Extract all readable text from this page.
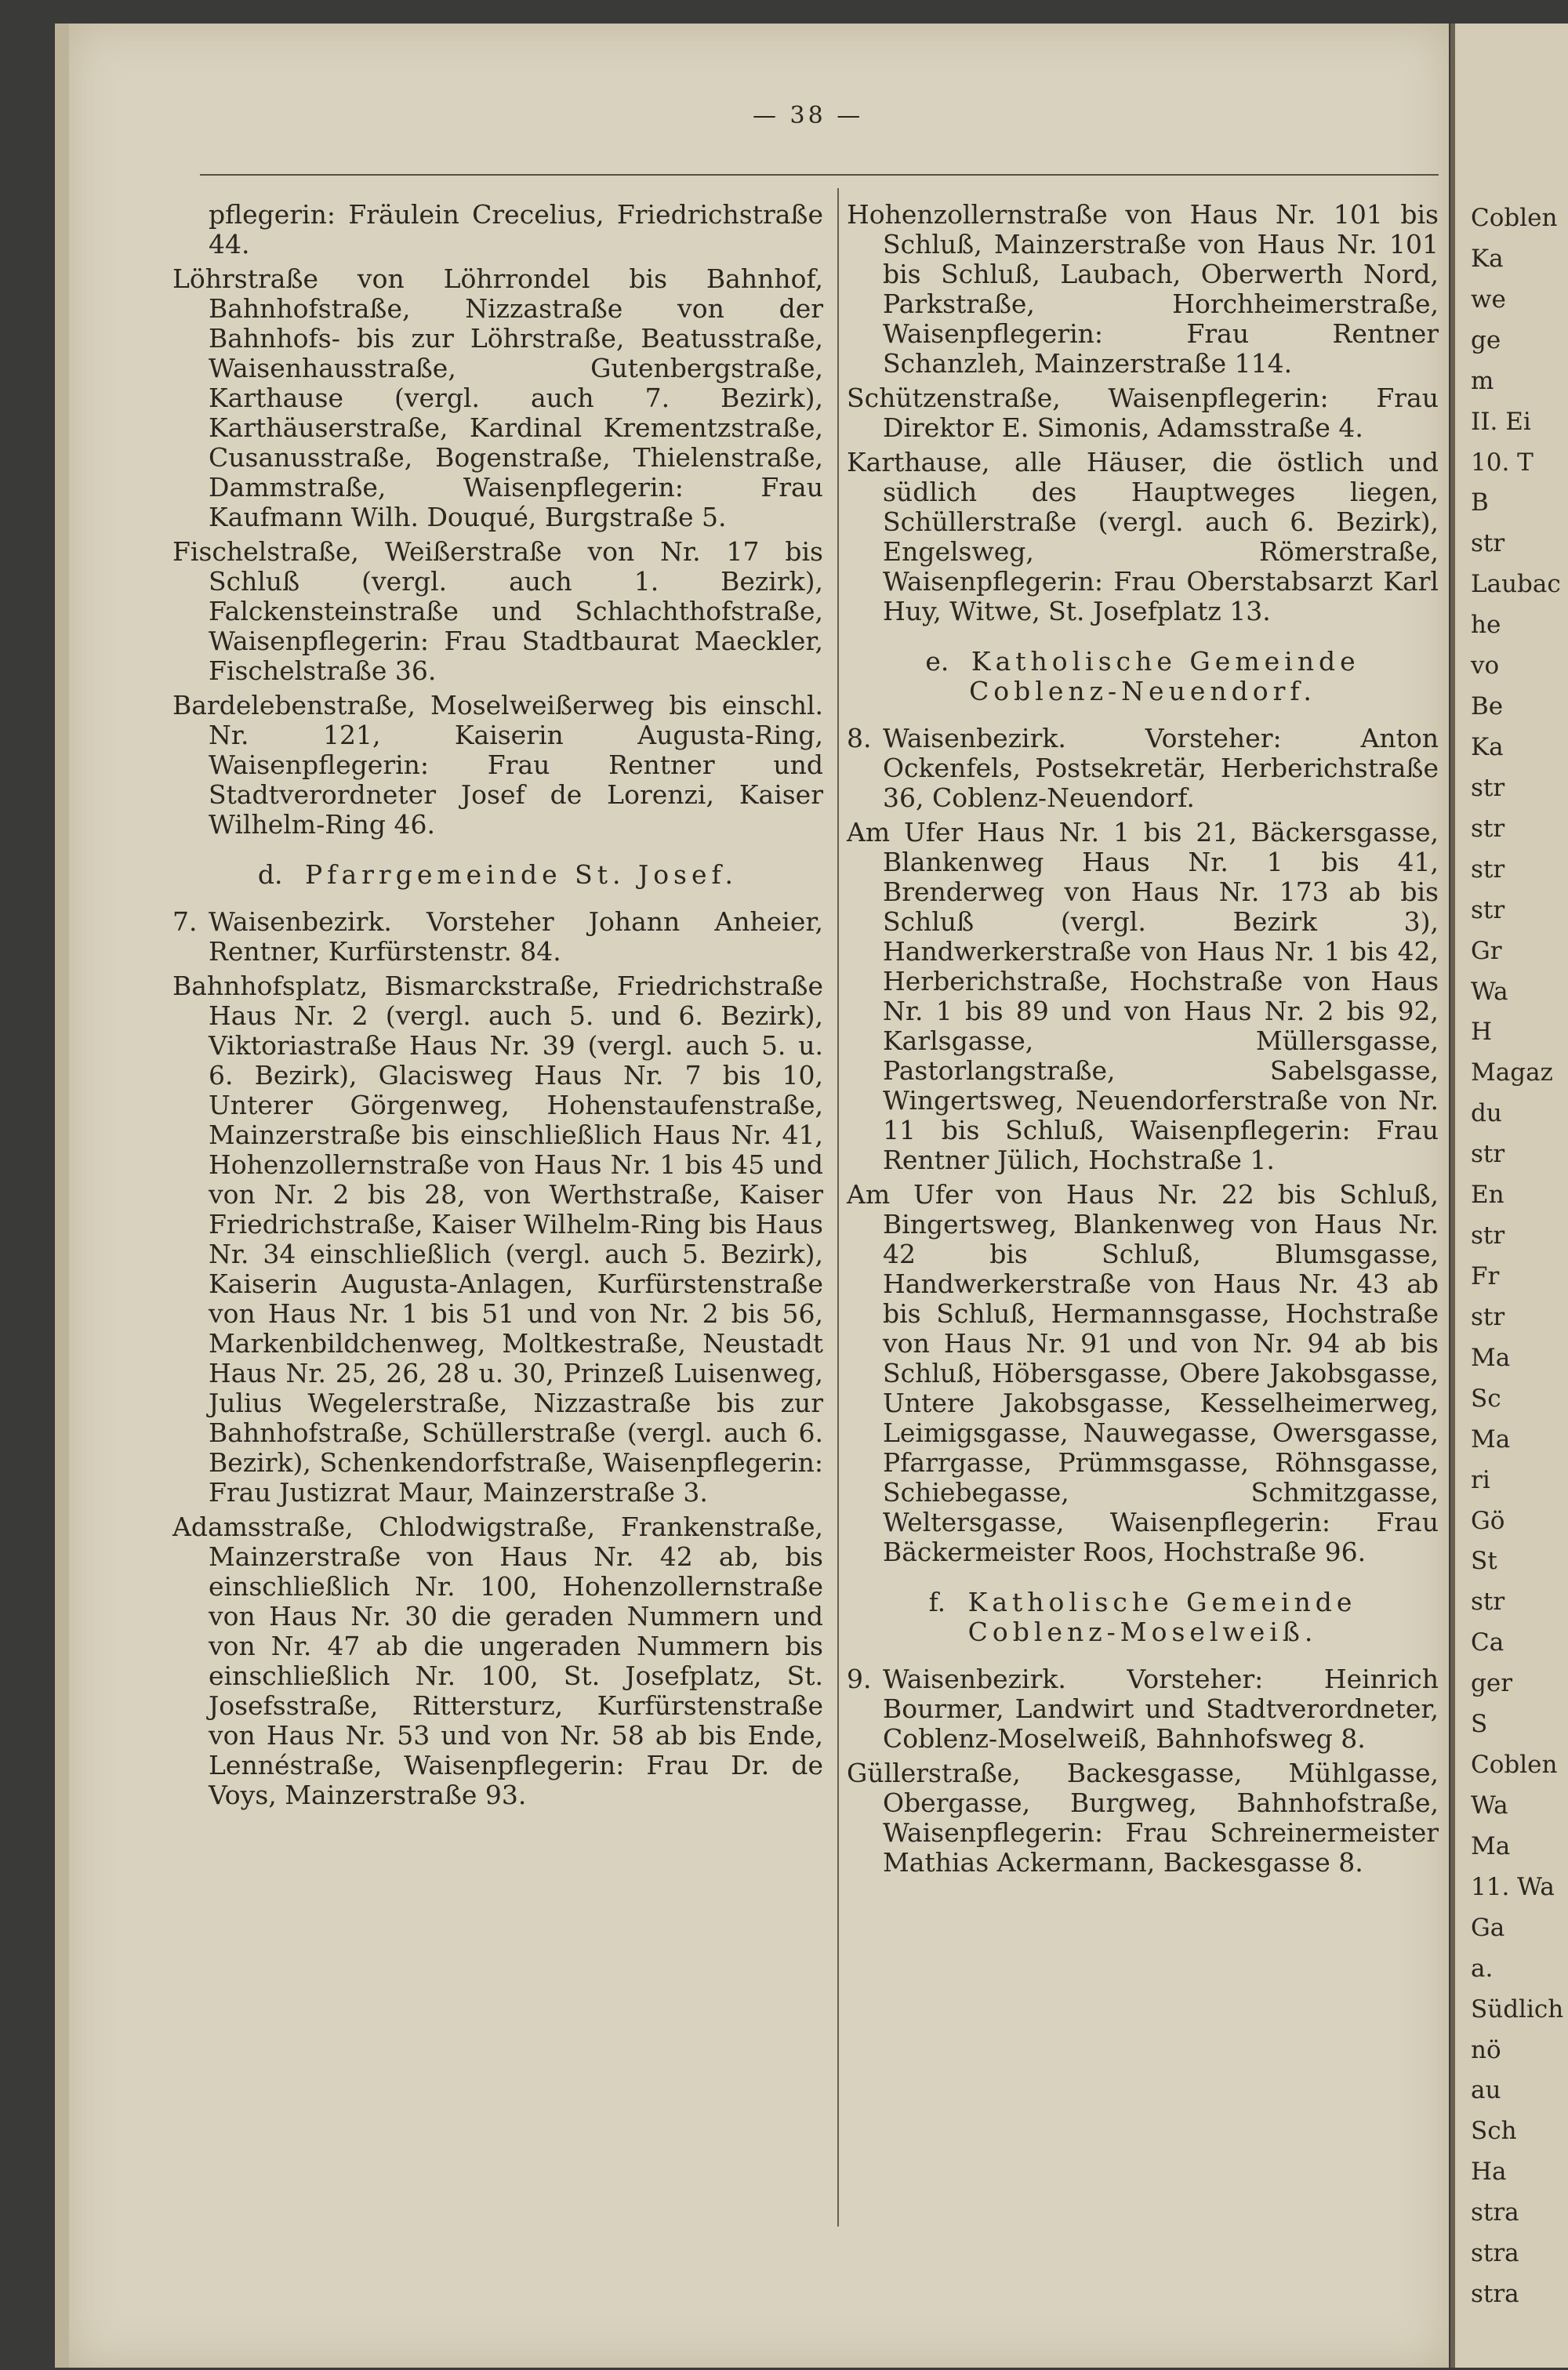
— 38 —

pflegerin: Fräulein Crecelius, Friedrichstraße 44.

Löhrstraße von Löhrrondel bis Bahnhof, Bahnhofstraße, Nizzastraße von der Bahnhofs- bis zur Löhrstraße, Beatusstraße, Waisenhausstraße, Gutenbergstraße, Karthause (vergl. auch 7. Bezirk), Karthäuserstraße, Kardinal Krementzstraße, Cusanusstraße, Bogenstraße, Thielenstraße, Dammstraße, Waisenpflegerin: Frau Kaufmann Wilh. Douqué, Burgstraße 5.

Fischelstraße, Weißerstraße von Nr. 17 bis Schluß (vergl. auch 1. Bezirk), Falckensteinstraße und Schlachthofstraße, Waisenpflegerin: Frau Stadtbaurat Maeckler, Fischelstraße 36.

Bardelebenstraße, Moselweißerweg bis einschl. Nr. 121, Kaiserin Augusta-Ring, Waisenpflegerin: Frau Rentner und Stadtverordneter Josef de Lorenzi, Kaiser Wilhelm-Ring 46.

d. Pfarrgemeinde St. Josef.

7. Waisenbezirk. Vorsteher Johann Anheier, Rentner, Kurfürstenstr. 84.

Bahnhofsplatz, Bismarckstraße, Friedrichstraße Haus Nr. 2 (vergl. auch 5. und 6. Bezirk), Viktoriastraße Haus Nr. 39 (vergl. auch 5. u. 6. Bezirk), Glacisweg Haus Nr. 7 bis 10, Unterer Görgenweg, Hohenstaufenstraße, Mainzerstraße bis einschließlich Haus Nr. 41, Hohenzollernstraße von Haus Nr. 1 bis 45 und von Nr. 2 bis 28, von Werthstraße, Kaiser Friedrichstraße, Kaiser Wilhelm-Ring bis Haus Nr. 34 einschließlich (vergl. auch 5. Bezirk), Kaiserin Augusta-Anlagen, Kurfürstenstraße von Haus Nr. 1 bis 51 und von Nr. 2 bis 56, Markenbildchenweg, Moltkestraße, Neustadt Haus Nr. 25, 26, 28 u. 30, Prinzeß Luisenweg, Julius Wegelerstraße, Nizzastraße bis zur Bahnhofstraße, Schüllerstraße (vergl. auch 6. Bezirk), Schenkendorfstraße, Waisenpflegerin: Frau Justizrat Maur, Mainzerstraße 3.

Adamsstraße, Chlodwigstraße, Frankenstraße, Mainzerstraße von Haus Nr. 42 ab, bis einschließlich Nr. 100, Hohenzollernstraße von Haus Nr. 30 die geraden Nummern und von Nr. 47 ab die ungeraden Nummern bis einschließlich Nr. 100, St. Josefplatz, St. Josefsstraße, Rittersturz, Kurfürstenstraße von Haus Nr. 53 und von Nr. 58 ab bis Ende, Lennéstraße, Waisenpflegerin: Frau Dr. de Voys, Mainzerstraße 93.

Hohenzollernstraße von Haus Nr. 101 bis Schluß, Mainzerstraße von Haus Nr. 101 bis Schluß, Laubach, Oberwerth Nord, Parkstraße, Horchheimerstraße, Waisenpflegerin: Frau Rentner Schanzleh, Mainzerstraße 114.

Schützenstraße, Waisenpflegerin: Frau Direktor E. Simonis, Adamsstraße 4.

Karthause, alle Häuser, die östlich und südlich des Hauptweges liegen, Schüllerstraße (vergl. auch 6. Bezirk), Engelsweg, Römerstraße, Waisenpflegerin: Frau Oberstabsarzt Karl Huy, Witwe, St. Josefplatz 13.

e. Katholische Gemeinde Coblenz-Neuendorf.

8. Waisenbezirk. Vorsteher: Anton Ockenfels, Postsekretär, Herberichstraße 36, Coblenz-Neuendorf.

Am Ufer Haus Nr. 1 bis 21, Bäckersgasse, Blankenweg Haus Nr. 1 bis 41, Brenderweg von Haus Nr. 173 ab bis Schluß (vergl. Bezirk 3), Handwerkerstraße von Haus Nr. 1 bis 42, Herberichstraße, Hochstraße von Haus Nr. 1 bis 89 und von Haus Nr. 2 bis 92, Karlsgasse, Müllersgasse, Pastorlangstraße, Sabelsgasse, Wingertsweg, Neuendorferstraße von Nr. 11 bis Schluß, Waisenpflegerin: Frau Rentner Jülich, Hochstraße 1.

Am Ufer von Haus Nr. 22 bis Schluß, Bingertsweg, Blankenweg von Haus Nr. 42 bis Schluß, Blumsgasse, Handwerkerstraße von Haus Nr. 43 ab bis Schluß, Hermannsgasse, Hochstraße von Haus Nr. 91 und von Nr. 94 ab bis Schluß, Höbersgasse, Obere Jakobsgasse, Untere Jakobsgasse, Kesselheimerweg, Leimigsgasse, Nauwegasse, Owersgasse, Pfarrgasse, Prümmsgasse, Röhnsgasse, Schiebegasse, Schmitzgasse, Weltersgasse, Waisenpflegerin: Frau Bäckermeister Roos, Hochstraße 96.

f. Katholische Gemeinde Coblenz-Moselweiß.

9. Waisenbezirk. Vorsteher: Heinrich Bourmer, Landwirt und Stadtverordneter, Coblenz-Moselweiß, Bahnhofsweg 8.

Güllerstraße, Backesgasse, Mühlgasse, Obergasse, Burgweg, Bahnhofstraße, Waisenpflegerin: Frau Schreinermeister Mathias Ackermann, Backesgasse 8.

Coblen
Ka
we
ge
m
II. Ei
10. T
B
str
Laubac
he
vo
Be
Ka
str
str
str
str
Gr
Wa
H
Magaz
du
str
En
str
Fr
str
Ma
Sc
Ma
ri
Gö
St
str
Ca
ger
S
Coblen
Wa
Ma
11. Wa
Ga
a.
Südlich
nö
au
Sch
Ha
stra
stra
stra
